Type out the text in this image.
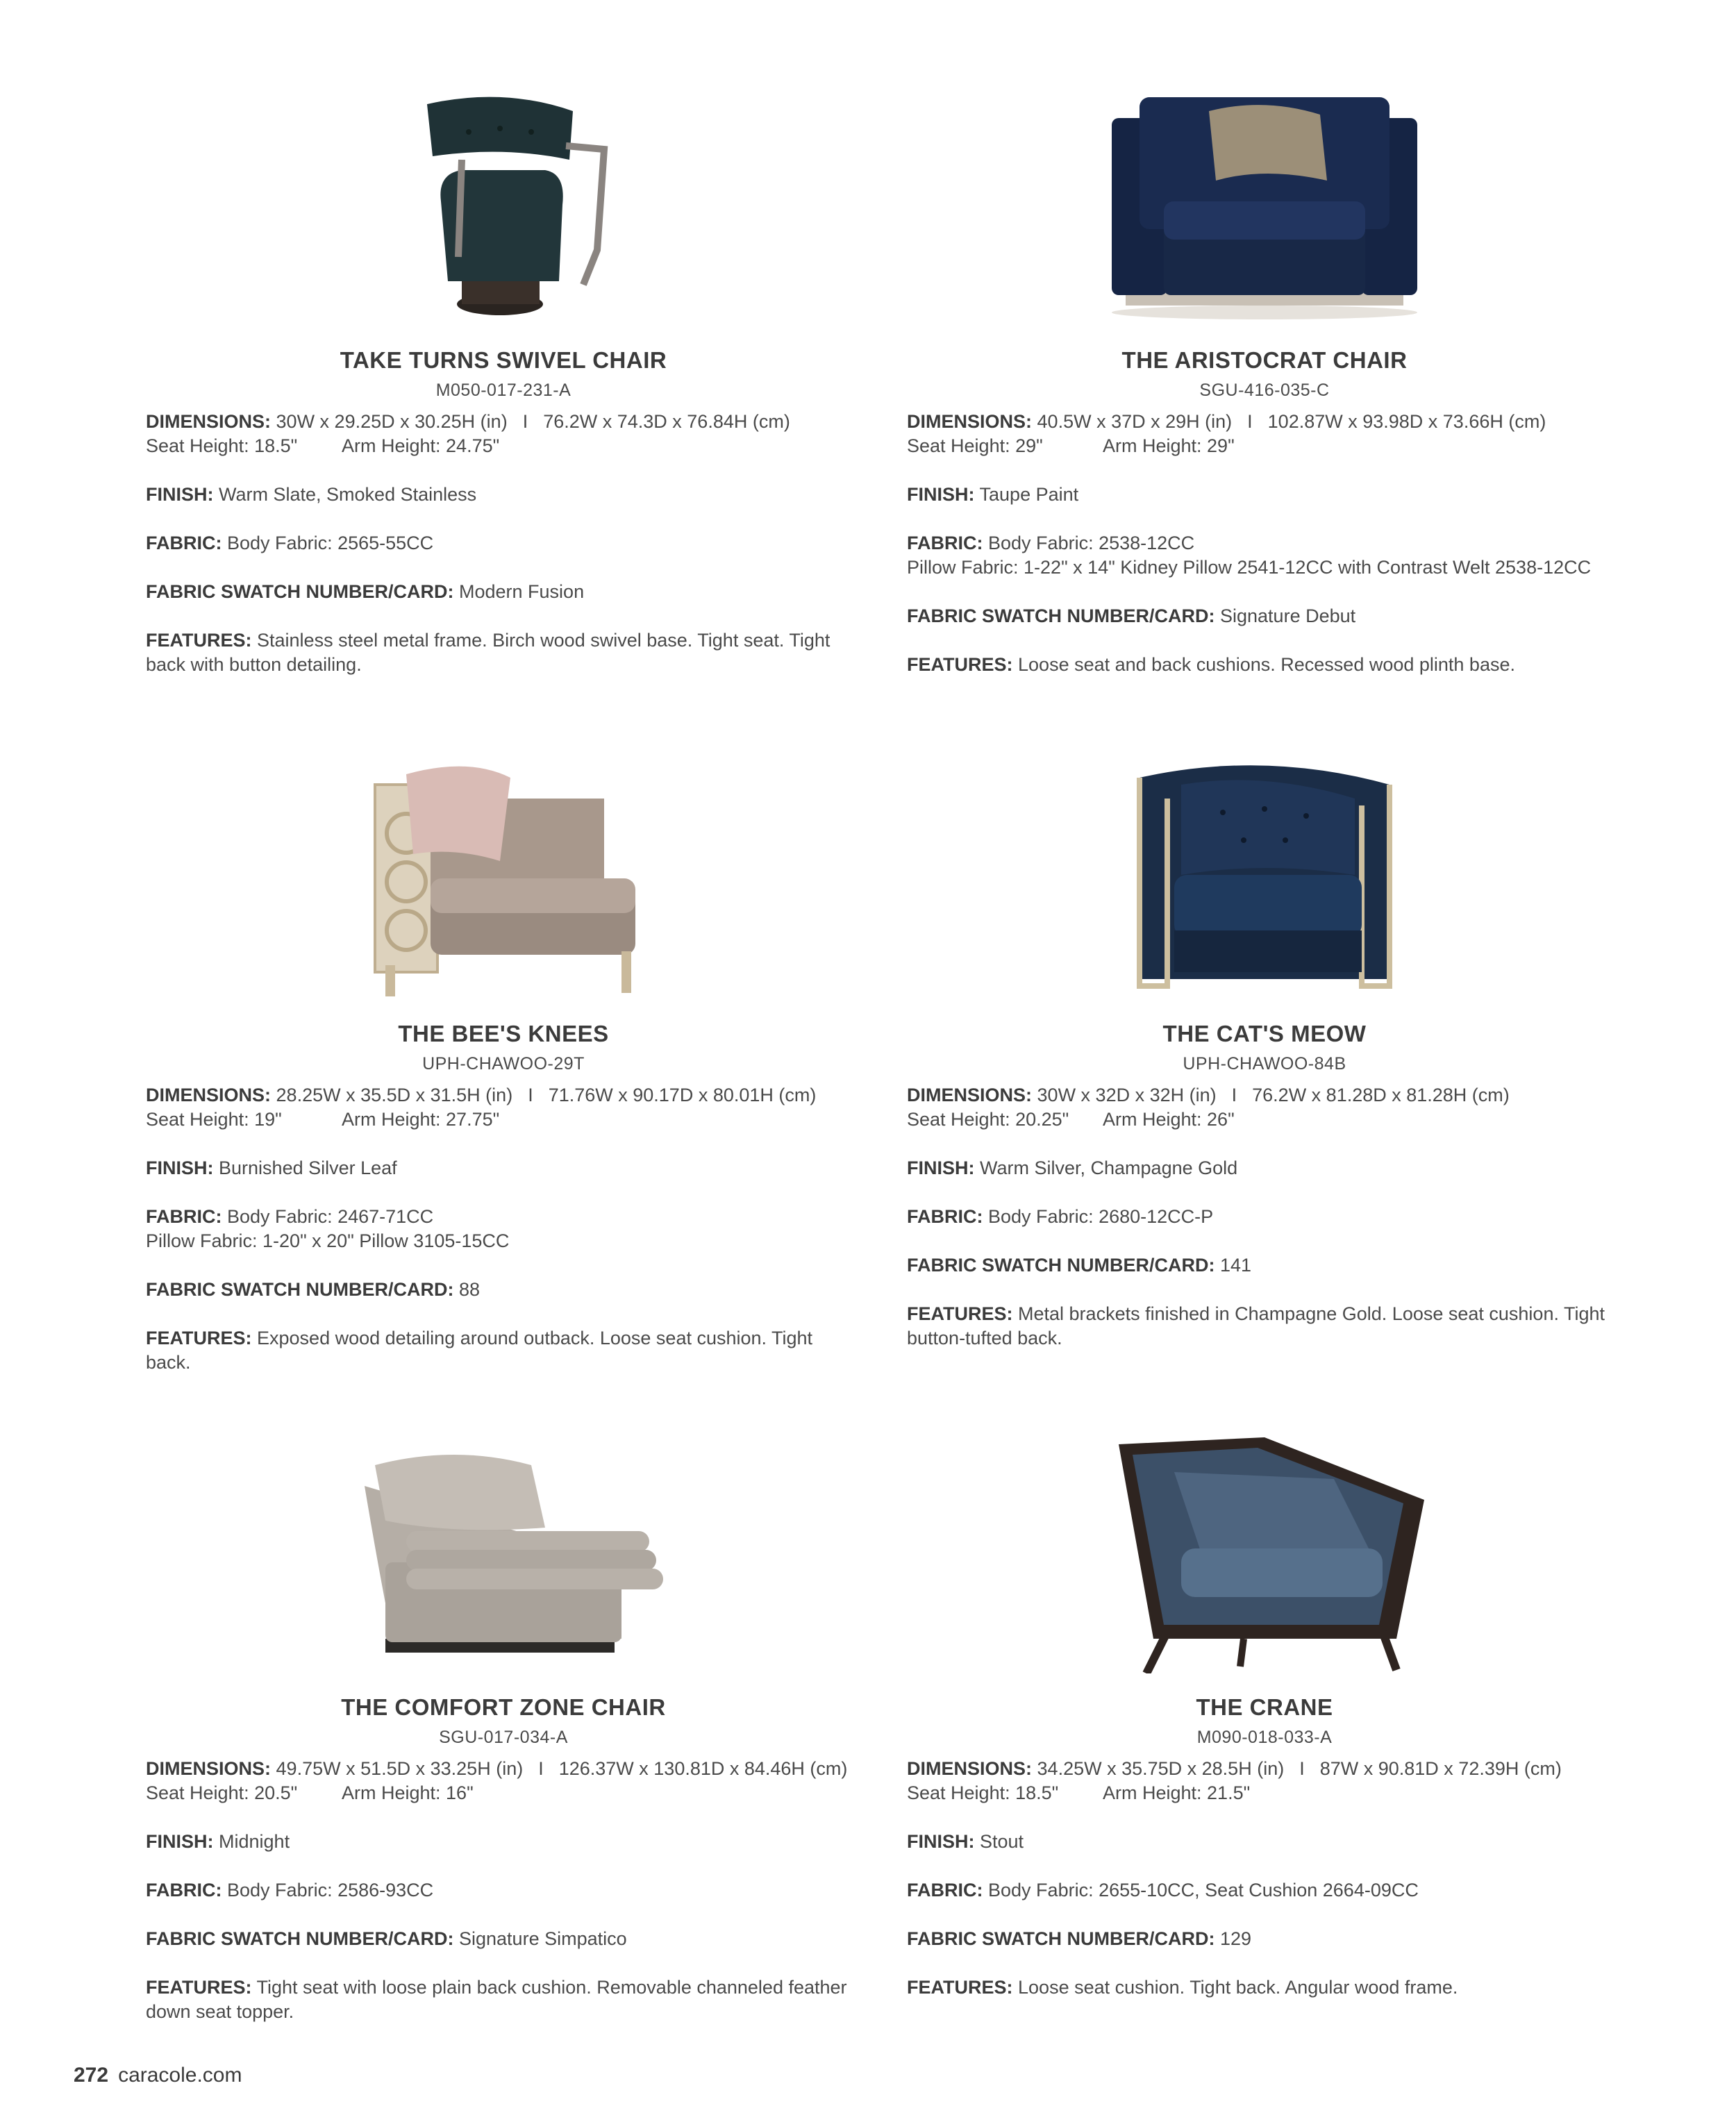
TAKE TURNS SWIVEL CHAIR
M050-017-231-A
DIMENSIONS: 30W x 29.25D x 30.25H (in) I 76.2W x 74.3D x 76.84H (cm)
Seat Height: 18.5" Arm Height: 24.75"
FINISH: Warm Slate, Smoked Stainless
FABRIC: Body Fabric: 2565-55CC
FABRIC SWATCH NUMBER/CARD: Modern Fusion
FEATURES: Stainless steel metal frame. Birch wood swivel base. Tight seat. Tight back with button detailing.
THE ARISTOCRAT CHAIR
SGU-416-035-C
DIMENSIONS: 40.5W x 37D x 29H (in) I 102.87W x 93.98D x 73.66H (cm)
Seat Height: 29"	Arm Height: 29"
FINISH: Taupe Paint
FABRIC: Body Fabric: 2538-12CC
Pillow Fabric: 1-22" x 14" Kidney Pillow 2541-12CC with Contrast Welt 2538-12CC
FABRIC SWATCH NUMBER/CARD: Signature Debut
FEATURES: Loose seat and back cushions. Recessed wood plinth base.
THE BEE'S KNEES
UPH-CHAWOO-29T
DIMENSIONS: 28.25W x 35.5D x 31.5H (in) I 71.76W x 90.17D x 80.01H (cm)
Seat Height: 19"	Arm Height: 27.75"
FINISH: Burnished Silver Leaf
FABRIC: Body Fabric: 2467-71CC
Pillow Fabric: 1-20" x 20" Pillow 3105-15CC
FABRIC SWATCH NUMBER/CARD: 88
FEATURES: Exposed wood detailing around outback. Loose seat cushion. Tight back.
THE CAT'S MEOW
UPH-CHAWOO-84B
DIMENSIONS: 30W x 32D x 32H (in) I 76.2W x 81.28D x 81.28H (cm)
Seat Height: 20.25" Arm Height: 26"
FINISH: Warm Silver, Champagne Gold
FABRIC: Body Fabric: 2680-12CC-P
FABRIC SWATCH NUMBER/CARD: 141
FEATURES: Metal brackets finished in Champagne Gold. Loose seat cushion. Tight button-tufted back.
THE COMFORT ZONE CHAIR
SGU-017-034-A
DIMENSIONS: 49.75W x 51.5D x 33.25H (in) I 126.37W x 130.81D x 84.46H (cm)
Seat Height: 20.5" Arm Height: 16"
FINISH: Midnight
FABRIC: Body Fabric: 2586-93CC
FABRIC SWATCH NUMBER/CARD: Signature Simpatico
FEATURES: Tight seat with loose plain back cushion. Removable channeled feather down seat topper.
THE CRANE
M090-018-033-A
DIMENSIONS: 34.25W x 35.75D x 28.5H (in) I 87W x 90.81D x 72.39H (cm)
Seat Height: 18.5" Arm Height: 21.5"
FINISH: Stout
FABRIC: Body Fabric: 2655-10CC, Seat Cushion 2664-09CC
FABRIC SWATCH NUMBER/CARD: 129
FEATURES: Loose seat cushion. Tight back. Angular wood frame.
272 caracole.com
